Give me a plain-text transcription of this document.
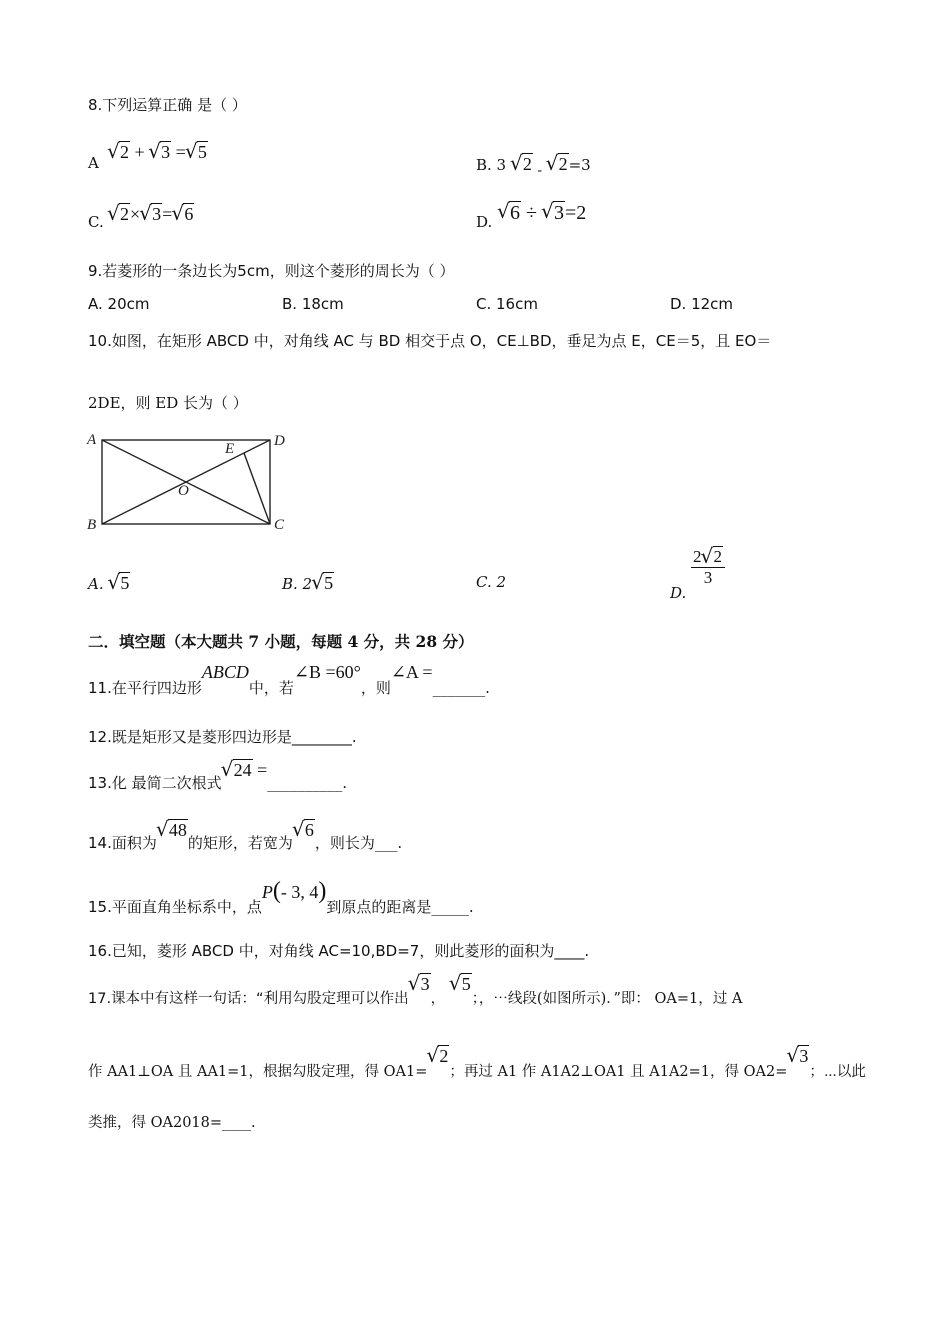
8.下列运算正确 是（ ）
A
√ 2 + √ 3 = √ 5
B. 3 √ 2 $_-$ √ 2=3
C. √ 2× √ 3= √ 6	D. √ 6 ÷ √ 3=2
9.若菱形的一条边长为5cm，则这个菱形的周长为（ ）
A. 20cm	B. 18cm	C. 16cm	D. 12cm
10.如图，在矩形 ABCD 中，对角线 AC 与 BD 相交于点 O，CE⊥BD，垂足为点 E，CE＝5，且 EO＝
2DE，则 ED 长为（ ）
A	D
B	C
E
O
A. √ 5	B. 2 √ 5	C. 2
D.
$\frac{2 √ 2}{3}$
二．填空题（本大题共 7 小题，每题 4 分，共 28 分）
11.在平行四边形ABCD中，若∠B =60°，则∠A =_______.
12.既是矩形又是菱形四边形是________.
13.化 最简二次根式√ 24 =__________.
14.面积为√ 48的矩形，若宽为√ 6，则长为___.
15.平面直角坐标系中，点P(- 3, 4)到原点的距离是_____.
16.已知，菱形 ABCD 中，对角线 AC=10,BD=7，则此菱形的面积为____.
17.课本中有这样一句话：“利用勾股定理可以作出√ 3， √ 5；，⋯线段(如图所示)．”即： OA=1，过 A
作 AA1⊥OA 且 AA1=1，根据勾股定理，得 OA1=√ 2；再过 A1 作 A1A2⊥OA1 且 A1A2=1，得 OA2=√ 3；⋯以此
类推，得 OA2018=____.
